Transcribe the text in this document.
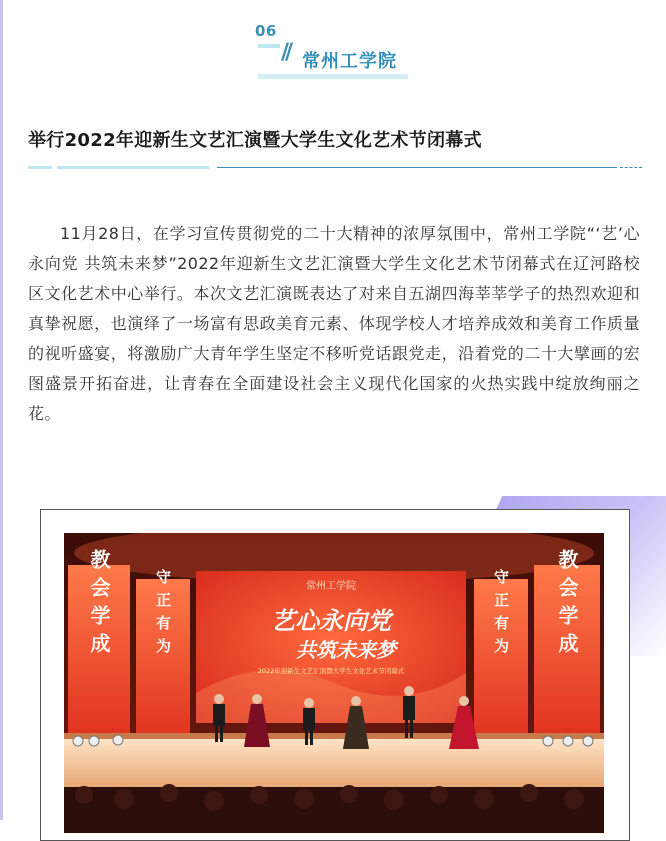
06
// 常州工学院
举行2022年迎新生文艺汇演暨大学生文化艺术节闭幕式
11月28日，在学习宣传贯彻党的二十大精神的浓厚氛围中，常州工学院“‘艺’心永向党 共筑未来梦”2022年迎新生文艺汇演暨大学生文化艺术节闭幕式在辽河路校区文化艺术中心举行。本次文艺汇演既表达了对来自五湖四海莘莘学子的热烈欢迎和真挚祝愿，也演绎了一场富有思政美育元素、体现学校人才培养成效和美育工作质量的视听盛宴，将激励广大青年学生坚定不移听党话跟党走，沿着党的二十大擘画的宏图盛景开拓奋进，让青春在全面建设社会主义现代化国家的火热实践中绽放绚丽之花。
教会学成	守正有为	守正有为 教会学成
常州工学院
艺心永向党
共筑未来梦
2022年迎新生文艺汇演暨大学生文化艺术节闭幕式
